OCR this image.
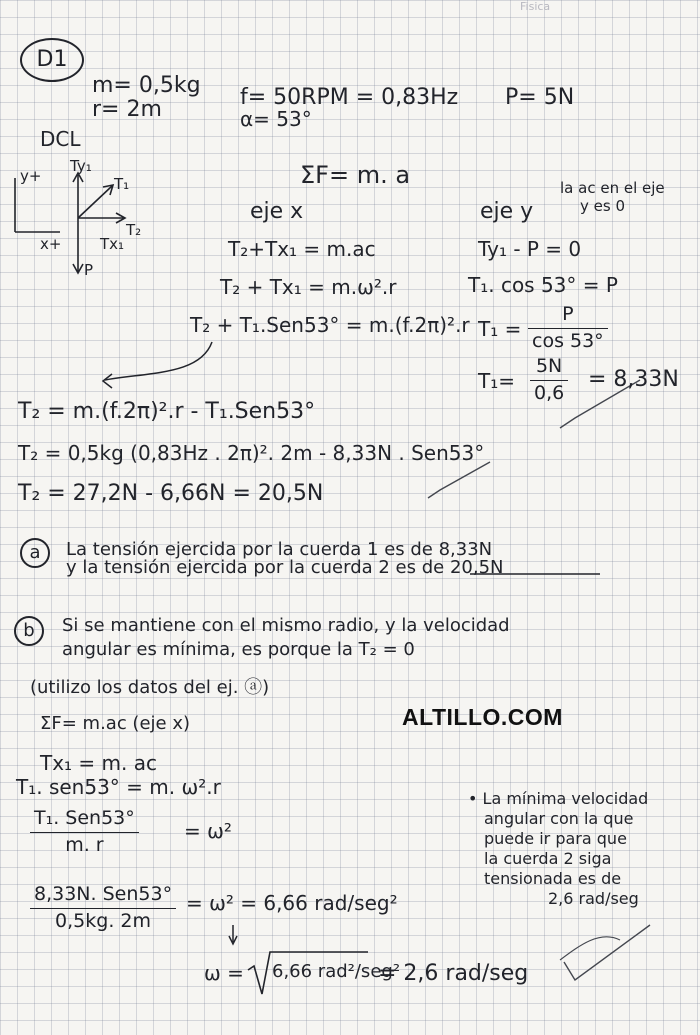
Fisica
D1
m= 0,5kg
r= 2m	f= 50RPM = 0,83Hz
α= 53°
P= 5N
DCL
y+
x+
Ty₁
T₁
T₂
Tx₁
P
ΣF= m. a
eje x
T₂+Tx₁ = m.ac
T₂ + Tx₁ = m.ω².r
T₂ + T₁.Sen53° = m.(f.2π)².r
la ac en el eje
y es 0
eje y
Ty₁ - P = 0
T₁. cos 53° = P
$T_1 = \frac{P}{\cos 53^\circ}$
$T_1= \frac{5N}{0,6} = 8,33N$
T₂ = m.(f.2π)².r - T₁.Sen53°
T₂ = 0,5kg (0,83Hz . 2π)². 2m - 8,33N . Sen53°
T₂ = 27,2N - 6,66N = 20,5N
a	La tensión ejercida por la cuerda 1 es de 8,33N
y la tensión ejercida por la cuerda 2 es de 20,5N
b	Si se mantiene con el mismo radio, y la velocidad
angular es mínima, es porque la T₂ = 0
(utilizo los datos del ej. ⓐ)
ΣF= m.ac (eje x)
Tx₁ = m. ac
T₁. sen53° = m. ω².r
T₁. Sen53°
m. r
= ω²
8,33N. Sen53°
0,5kg. 2m
= ω² = 6,66 rad/seg²
ω = 6,66 rad²/seg²
= 2,6 rad/seg
ALTILLO.COM
• La mínima velocidad
angular con la que
puede ir para que
la cuerda 2 siga
tensionada es de
2,6 rad/seg
